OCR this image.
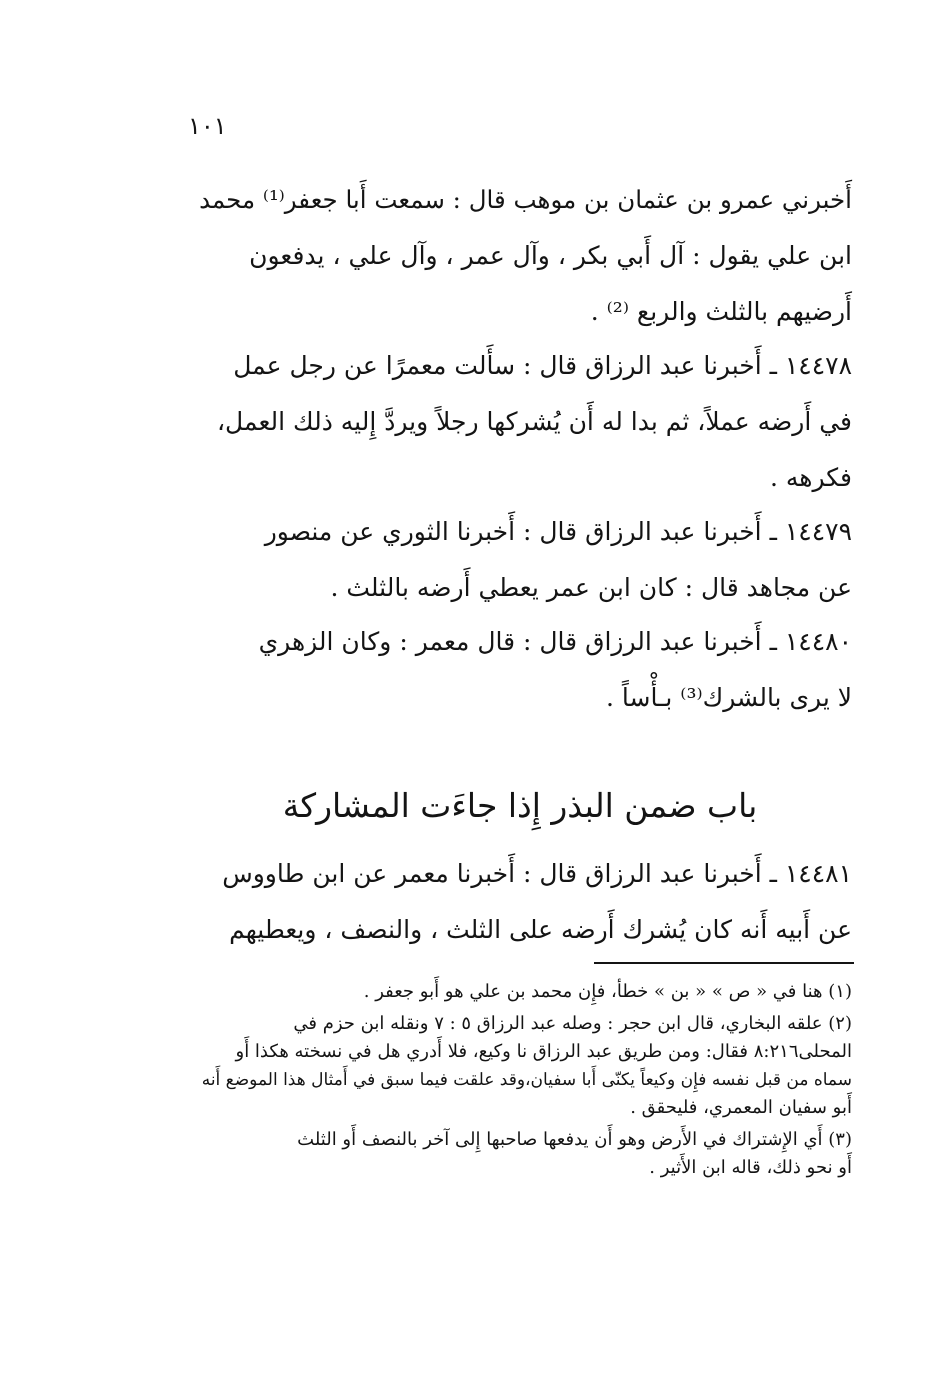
١٠١
أَخبرني عمرو بن عثمان بن موهب قال : سمعت أَبا جعفر⁽¹⁾ محمد
ابن علي يقول : آل أَبي بكر ، وآل عمر ، وآل علي ، يدفعون
أَرضيهم بالثلث والربع ⁽²⁾ .
١٤٤٧٨ ـ أَخبرنا عبد الرزاق قال : سأَلت معمرًا عن رجل عمل
في أَرضه عملاً، ثم بدا له أَن يُشركها رجلاً ويردَّ إِليه ذلك العمل،
فكرهه .
١٤٤٧٩ ـ أَخبرنا عبد الرزاق قال : أَخبرنا الثوري عن منصور
عن مجاهد قال : كان ابن عمر يعطي أَرضه بالثلث .
١٤٤٨٠ ـ أَخبرنا عبد الرزاق قال : قال معمر : وكان الزهري
لا يرى بالشرك⁽³⁾ بـأْساً .
باب ضمن البذر إِذا جاءَت المشاركة
١٤٤٨١ ـ أَخبرنا عبد الرزاق قال : أَخبرنا معمر عن ابن طاووس
عن أَبيه أَنه كان يُشرك أَرضه على الثلث ، والنصف ، ويعطيهم
(١) هنا في « ص » « بن » خطأ، فإِن محمد بن علي هو أَبو جعفر .
(٢) علقه البخاري، قال ابن حجر : وصله عبد الرزاق ٥ : ٧ ونقله ابن حزم في
المحلى٨:٢١٦ فقال: ومن طريق عبد الرزاق نا وكيع، فلا أَدري هل في نسخته هكذا أَو
سماه من قبل نفسه فإِن وكيعاً يكنّى أَبا سفيان،وقد علقت فيما سبق في أَمثال هذا الموضع أَنه
أَبو سفيان المعمري، فليحقق .
(٣) أَي الإِشتراك في الأَرض وهو أَن يدفعها صاحبها إِلى آخر بالنصف أَو الثلث
أَو نحو ذلك، قاله ابن الأَثير .
